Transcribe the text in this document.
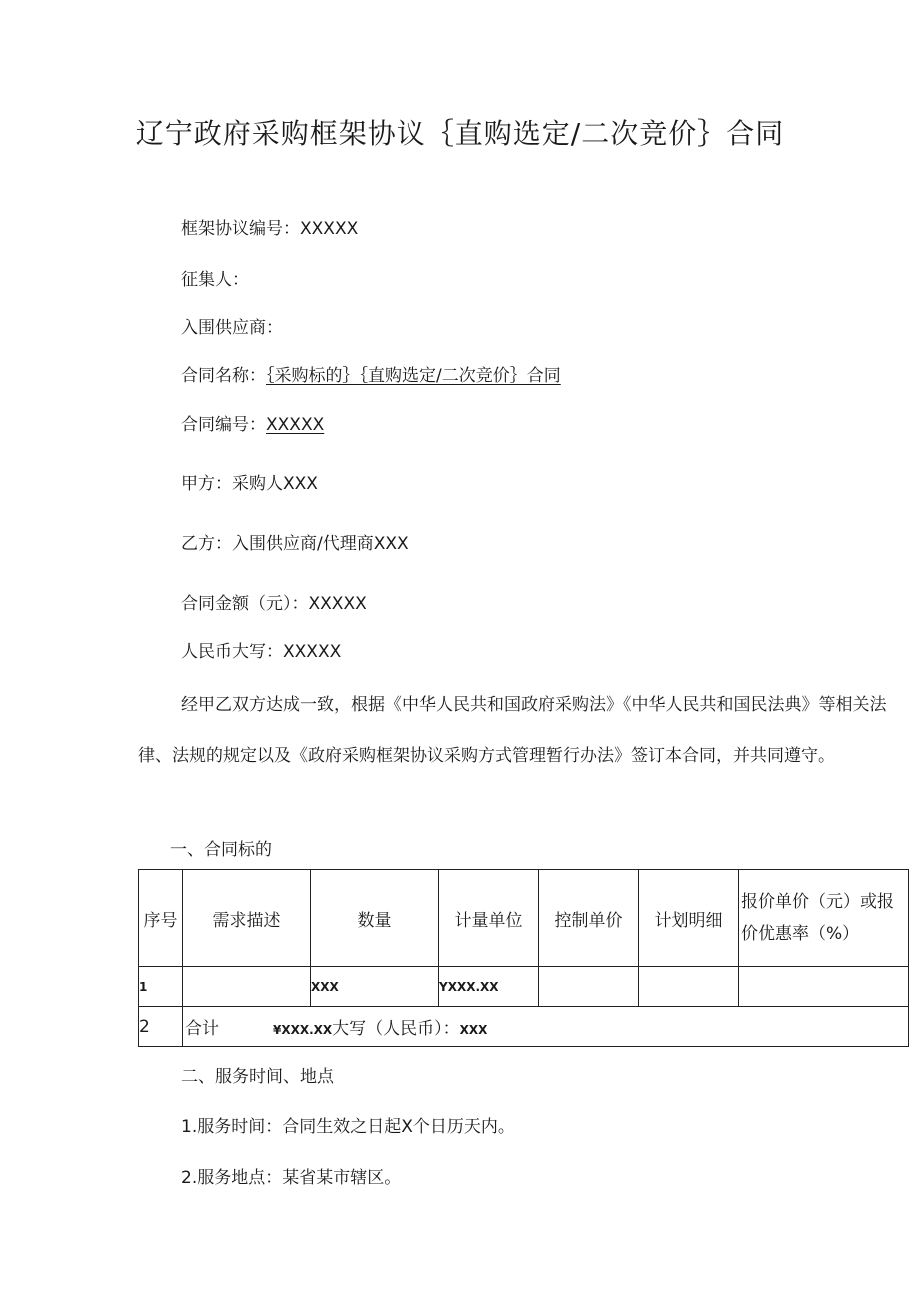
辽宁政府采购框架协议｛直购选定/二次竞价｝合同
框架协议编号：XXXXX
征集人：
入围供应商：
合同名称：｛采购标的｝｛直购选定/二次竞价｝合同
合同编号：XXXXX
甲方：采购人XXX
乙方：入围供应商/代理商XXX
合同金额（元）：XXXXX
人民币大写：XXXXX

经甲乙双方达成一致，根据《中华人民共和国政府采购法》《中华人民共和国民法典》等相关法律、法规的规定以及《政府采购框架协议采购方式管理暂行办法》签订本合同，并共同遵守。

一、合同标的
序号	需求描述	数量	计量单位	控制单价	计划明细	报价单价（元）或报价优惠率（%）
1		XXX	YXXX.XX			
2	合计 ¥XXX.XX大写（人民币）：XXX					
二、服务时间、地点
1.服务时间：合同生效之日起X个日历天内。
2.服务地点：某省某市辖区。
